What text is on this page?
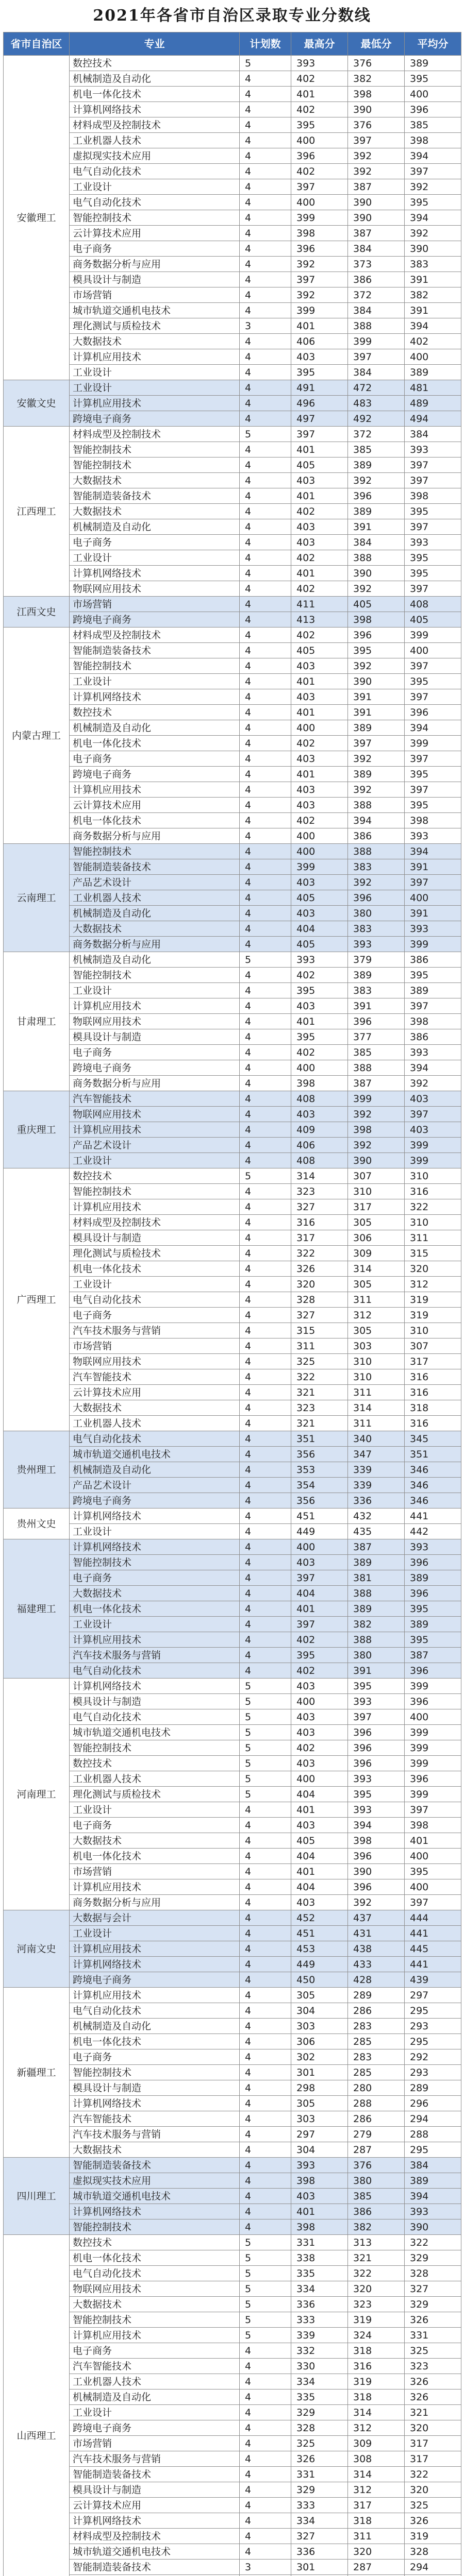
2021年各省市自治区录取专业分数线
省市自治区	专业	计划数	最高分	最低分	平均分
安徽理工	数控技术	5	393	376	389
	机械制造及自动化	4	402	382	395
	机电一体化技术	4	401	398	400
	计算机网络技术	4	402	390	396
	材料成型及控制技术	4	395	376	385
	工业机器人技术	4	400	397	398
	虚拟现实技术应用	4	396	392	394
	电气自动化技术	4	402	392	397
	工业设计	4	397	387	392
	电气自动化技术	4	400	390	395
	智能控制技术	4	399	390	394
	云计算技术应用	4	398	387	392
	电子商务	4	396	384	390
	商务数据分析与应用	4	392	373	383
	模具设计与制造	4	397	386	391
	市场营销	4	392	372	382
	城市轨道交通机电技术	4	399	384	391
	理化测试与质检技术	3	401	388	394
	大数据技术	4	406	399	402
	计算机应用技术	4	403	397	400
	工业设计	4	395	384	389
安徽文史	工业设计	4	491	472	481
	计算机应用技术	4	496	483	489
	跨境电子商务	4	497	492	494
江西理工	材料成型及控制技术	5	397	372	384
	智能控制技术	4	401	385	393
	智能控制技术	4	405	389	397
	大数据技术	4	403	392	397
	智能制造装备技术	4	401	396	398
	大数据技术	4	402	389	395
	机械制造及自动化	4	403	391	397
	电子商务	4	403	384	393
	工业设计	4	402	388	395
	计算机网络技术	4	401	390	395
	物联网应用技术	4	402	392	397
江西文史	市场营销	4	411	405	408
	跨境电子商务	4	413	398	405
内蒙古理工	材料成型及控制技术	4	402	396	399
	智能制造装备技术	4	405	395	400
	智能控制技术	4	403	392	397
	工业设计	4	401	390	395
	计算机网络技术	4	403	391	397
	数控技术	4	401	391	396
	机械制造及自动化	4	400	389	394
	机电一体化技术	4	402	397	399
	电子商务	4	403	392	397
	跨境电子商务	4	401	389	395
	计算机应用技术	4	403	392	397
	云计算技术应用	4	403	388	395
	机电一体化技术	4	402	394	398
	商务数据分析与应用	4	400	386	393
云南理工	智能控制技术	4	400	388	394
	智能制造装备技术	4	399	383	391
	产品艺术设计	4	403	392	397
	工业机器人技术	4	405	396	400
	机械制造及自动化	4	403	380	391
	大数据技术	4	404	383	393
	商务数据分析与应用	4	405	393	399
甘肃理工	机械制造及自动化	5	393	379	386
	智能控制技术	4	402	389	395
	工业设计	4	395	383	389
	计算机应用技术	4	403	391	397
	物联网应用技术	4	401	396	398
	模具设计与制造	4	395	377	386
	电子商务	4	402	385	393
	跨境电子商务	4	400	388	394
	商务数据分析与应用	4	398	387	392
重庆理工	汽车智能技术	4	408	399	403
	物联网应用技术	4	403	392	397
	计算机应用技术	4	409	398	403
	产品艺术设计	4	406	392	399
	工业设计	4	408	390	399
广西理工	数控技术	5	314	307	310
	智能控制技术	4	323	310	316
	计算机应用技术	4	327	317	322
	材料成型及控制技术	4	316	305	310
	模具设计与制造	4	317	306	311
	理化测试与质检技术	4	322	309	315
	机电一体化技术	4	326	314	320
	工业设计	4	320	305	312
	电气自动化技术	4	328	311	319
	电子商务	4	327	312	319
	汽车技术服务与营销	4	315	305	310
	市场营销	4	311	303	307
	物联网应用技术	4	325	310	317
	汽车智能技术	4	322	310	316
	云计算技术应用	4	321	311	316
	大数据技术	4	323	314	318
	工业机器人技术	4	321	311	316
贵州理工	电气自动化技术	4	351	340	345
	城市轨道交通机电技术	4	356	347	351
	机械制造及自动化	4	353	339	346
	产品艺术设计	4	354	339	346
	跨境电子商务	4	356	336	346
贵州文史	计算机网络技术	4	451	432	441
	工业设计	4	449	435	442
福建理工	计算机网络技术	4	400	387	393
	智能控制技术	4	403	389	396
	电子商务	4	397	381	389
	大数据技术	4	404	388	396
	机电一体化技术	4	401	389	395
	工业设计	4	397	382	389
	计算机应用技术	4	402	388	395
	汽车技术服务与营销	4	395	380	387
	电气自动化技术	4	402	391	396
河南理工	计算机网络技术	5	403	395	399
	模具设计与制造	5	400	393	396
	电气自动化技术	5	403	397	400
	城市轨道交通机电技术	5	403	396	399
	智能控制技术	5	402	396	399
	数控技术	5	403	396	399
	工业机器人技术	5	400	393	396
	理化测试与质检技术	5	404	395	399
	工业设计	4	401	393	397
	电子商务	4	403	394	398
	大数据技术	4	405	398	401
	机电一体化技术	4	404	396	400
	市场营销	4	401	390	395
	计算机应用技术	4	404	396	400
	商务数据分析与应用	4	403	392	397
河南文史	大数据与会计	4	452	437	444
	工业设计	4	451	431	441
	计算机应用技术	4	453	438	445
	计算机网络技术	4	449	433	441
	跨境电子商务	4	450	428	439
新疆理工	计算机应用技术	4	305	289	297
	电气自动化技术	4	304	286	295
	机械制造及自动化	4	303	283	293
	机电一体化技术	4	306	285	295
	电子商务	4	302	283	292
	智能控制技术	4	301	285	293
	模具设计与制造	4	298	280	289
	计算机网络技术	4	305	288	296
	汽车智能技术	4	303	286	294
	汽车技术服务与营销	4	297	279	288
	大数据技术	4	304	287	295
四川理工	智能制造装备技术	4	393	376	384
	虚拟现实技术应用	4	398	380	389
	城市轨道交通机电技术	4	403	385	394
	计算机网络技术	4	401	386	393
	智能控制技术	4	398	382	390
山西理工	数控技术	5	331	313	322
	机电一体化技术	5	338	321	329
	电气自动化技术	5	335	322	328
	物联网应用技术	5	334	320	327
	大数据技术	5	336	323	329
	智能控制技术	5	333	319	326
	计算机应用技术	5	339	324	331
	电子商务	4	332	318	325
	汽车智能技术	4	330	316	323
	工业机器人技术	4	334	319	326
	机械制造及自动化	4	335	318	326
	工业设计	4	329	314	321
	跨境电子商务	4	328	312	320
	市场营销	4	325	309	317
	汽车技术服务与营销	4	326	308	317
	智能制造装备技术	4	331	314	322
	模具设计与制造	4	329	312	320
	云计算技术应用	4	333	317	325
	计算机网络技术	4	334	318	326
	材料成型及控制技术	4	327	311	319
	城市轨道交通机电技术	4	336	320	328
	智能制造装备技术	3	301	287	294
